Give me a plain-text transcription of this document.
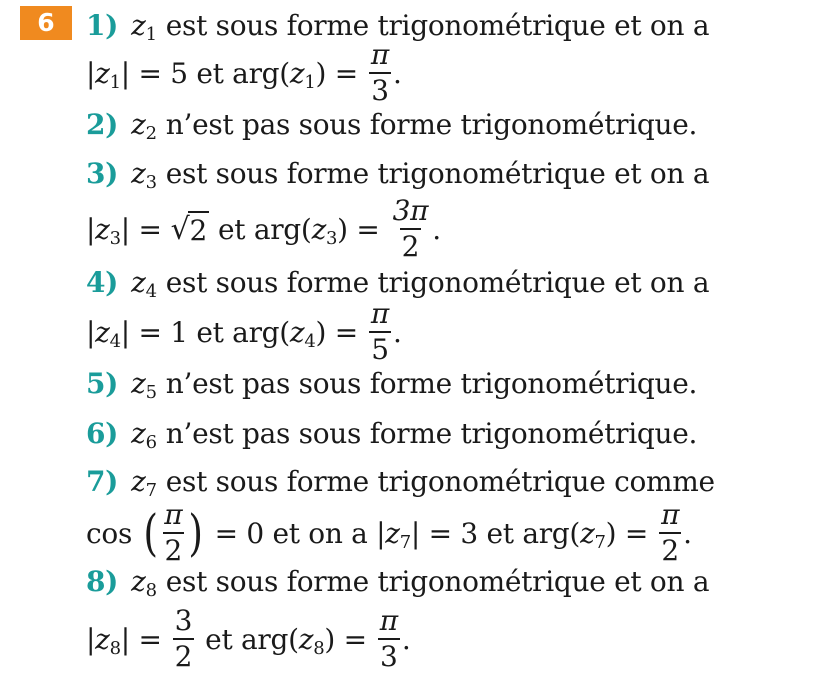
6	1) $z_1$ est sous forme trigonométrique et on a
| $z_1$ | = 5 et arg( $z_1$ ) = $\frac{\pi}{3}$ .
2) $z_2$ n’est pas sous forme trigonométrique.
3) $z_3$ est sous forme trigonométrique et on a
| $z_3$ | = √ 2 et arg( $z_3$ ) = $\frac{3\pi}{2}$ .
4) $z_4$ est sous forme trigonométrique et on a
| $z_4$ | = 1 et arg( $z_4$ ) = $\frac{\pi}{5}$ .
5) $z_5$ n’est pas sous forme trigonométrique.
6) $z_6$ n’est pas sous forme trigonométrique.
7) $z_7$ est sous forme trigonométrique comme
cos ( $\frac{\pi}{2}$ ) = 0 et on a | $z_7$ | = 3 et arg( $z_7$ ) = $\frac{\pi}{2}$ .
8) $z_8$ est sous forme trigonométrique et on a
| $z_8$ | = $\frac{3}{2}$ et arg( $z_8$ ) = $\frac{\pi}{3}$ .
